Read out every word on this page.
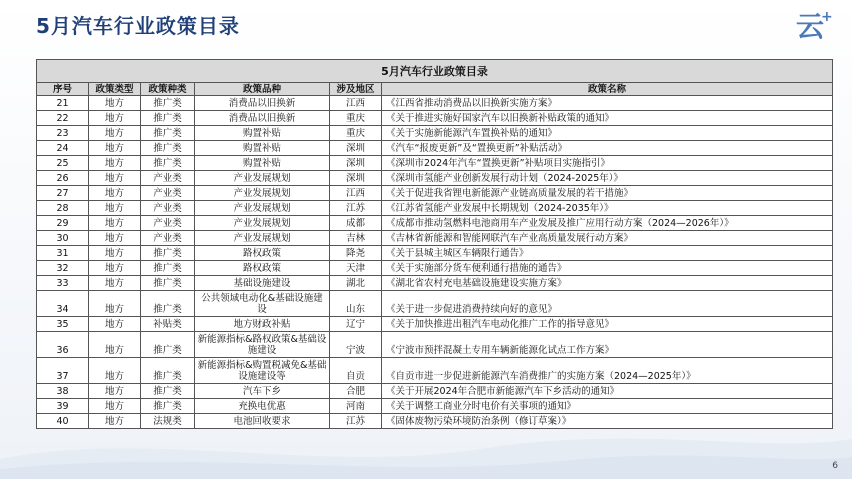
5月汽车行业政策目录	云
+
5月汽车行业政策目录					
序号	政策类型	政策种类	政策品种	涉及地区	政策名称
21	地方	推广类	消费品以旧换新	江西	《江西省推动消费品以旧换新实施方案》
22	地方	推广类	消费品以旧换新	重庆	《关于推进实施好国家汽车以旧换新补贴政策的通知》
23	地方	推广类	购置补贴	重庆	《关于实施新能源汽车置换补贴的通知》
24	地方	推广类	购置补贴	深圳	《汽车“报废更新”及“置换更新”补贴活动》
25	地方	推广类	购置补贴	深圳	《深圳市2024年汽车“置换更新”补贴项目实施指引》
26	地方	产业类	产业发展规划	深圳	《深圳市氢能产业创新发展行动计划（2024-2025年）》
27	地方	产业类	产业发展规划	江西	《关于促进我省锂电新能源产业链高质量发展的若干措施》
28	地方	产业类	产业发展规划	江苏	《江苏省氢能产业发展中长期规划（2024-2035年）》
29	地方	产业类	产业发展规划	成都	《成都市推动氢燃料电池商用车产业发展及推广应用行动方案（2024—2026年）》
30	地方	产业类	产业发展规划	吉林	《吉林省新能源和智能网联汽车产业高质量发展行动方案》
31	地方	推广类	路权政策	降尧	《关于县城主城区车辆限行通告》
32	地方	推广类	路权政策	天津	《关于实施部分货车便利通行措施的通告》
33	地方	推广类	基础设施建设	湖北	《湖北省农村充电基础设施建设实施方案》
34	地方	推广类	公共领域电动化&基础设施建设	山东	《关于进一步促进消费持续向好的意见》
35	地方	补贴类	地方财政补贴	辽宁	《关于加快推进出租汽车电动化推广工作的指导意见》
36	地方	推广类	新能源指标&路权政策&基础设施建设	宁波	《宁波市预拌混凝土专用车辆新能源化试点工作方案》
37	地方	推广类	新能源指标&购置税减免&基础设施建设等	自贡	《自贡市进一步促进新能源汽车消费推广的实施方案（2024—2025年）》
38	地方	推广类	汽车下乡	合肥	《关于开展2024年合肥市新能源汽车下乡活动的通知》
39	地方	推广类	充换电优惠	河南	《关于调整工商业分时电价有关事项的通知》
40	地方	法规类	电池回收要求	江苏	《固体废物污染环境防治条例（修订草案）》
6
